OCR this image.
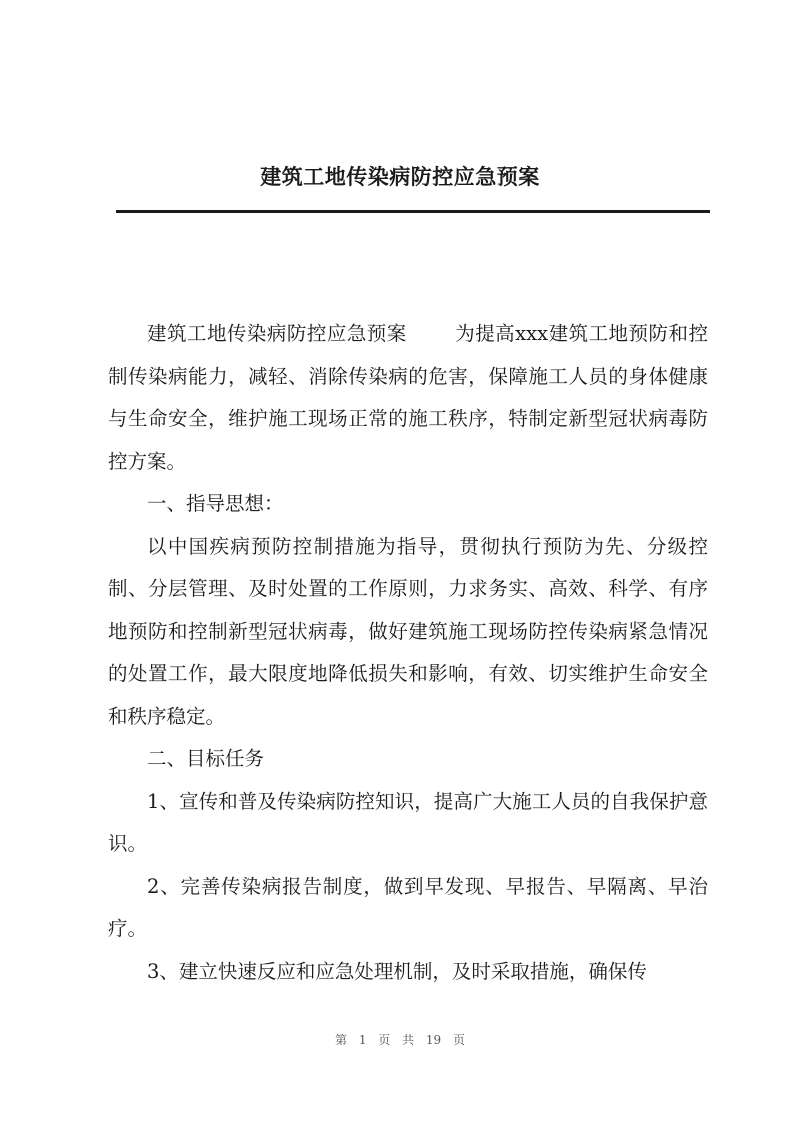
建筑工地传染病防控应急预案

建筑工地传染病防控应急预案 为提高xxx建筑工地预防和控制传染病能力，减轻、消除传染病的危害，保障施工人员的身体健康与生命安全，维护施工现场正常的施工秩序，特制定新型冠状病毒防控方案。

一、指导思想：

以中国疾病预防控制措施为指导，贯彻执行预防为先、分级控制、分层管理、及时处置的工作原则，力求务实、高效、科学、有序地预防和控制新型冠状病毒，做好建筑施工现场防控传染病紧急情况的处置工作，最大限度地降低损失和影响，有效、切实维护生命安全和秩序稳定。

二、目标任务

1、宣传和普及传染病防控知识，提高广大施工人员的自我保护意识。

2、完善传染病报告制度，做到早发现、早报告、早隔离、早治疗。

3、建立快速反应和应急处理机制，及时采取措施，确保传

第 1 页 共 19 页
